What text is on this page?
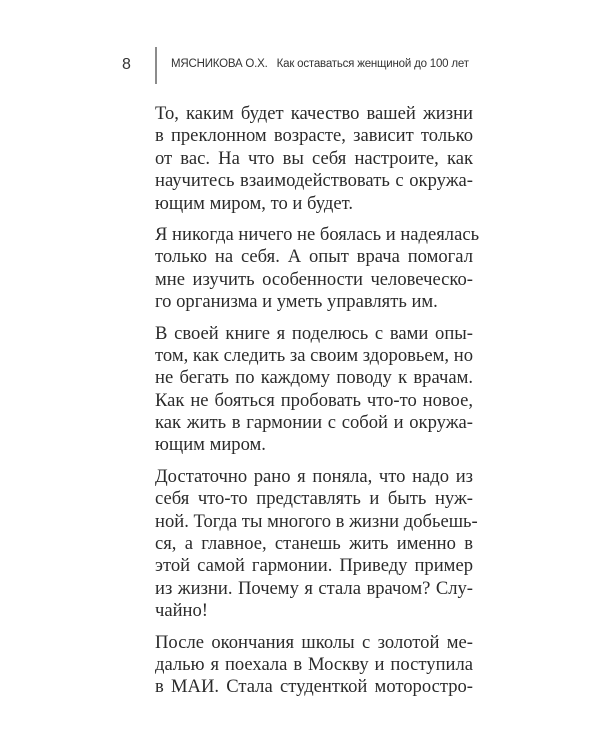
8	МЯСНИКОВА О.Х. Как оставаться женщиной до 100 лет

То, каким будет качество вашей жизни
в преклонном возрасте, зависит только
от вас. На что вы себя настроите, как
научитесь взаимодействовать с окружа-
ющим миром, то и будет.

Я никогда ничего не боялась и надеялась
только на себя. А опыт врача помогал
мне изучить особенности человеческо-
го организма и уметь управлять им.

В своей книге я поделюсь с вами опы-
том, как следить за своим здоровьем, но
не бегать по каждому поводу к врачам.
Как не бояться пробовать что-то новое,
как жить в гармонии с собой и окружа-
ющим миром.

Достаточно рано я поняла, что надо из
себя что-то представлять и быть нуж-
ной. Тогда ты многого в жизни добьешь-
ся, а главное, станешь жить именно в
этой самой гармонии. Приведу пример
из жизни. Почему я стала врачом? Слу-
чайно!

После окончания школы с золотой ме-
далью я поехала в Москву и поступила
в МАИ. Стала студенткой моторостро-
